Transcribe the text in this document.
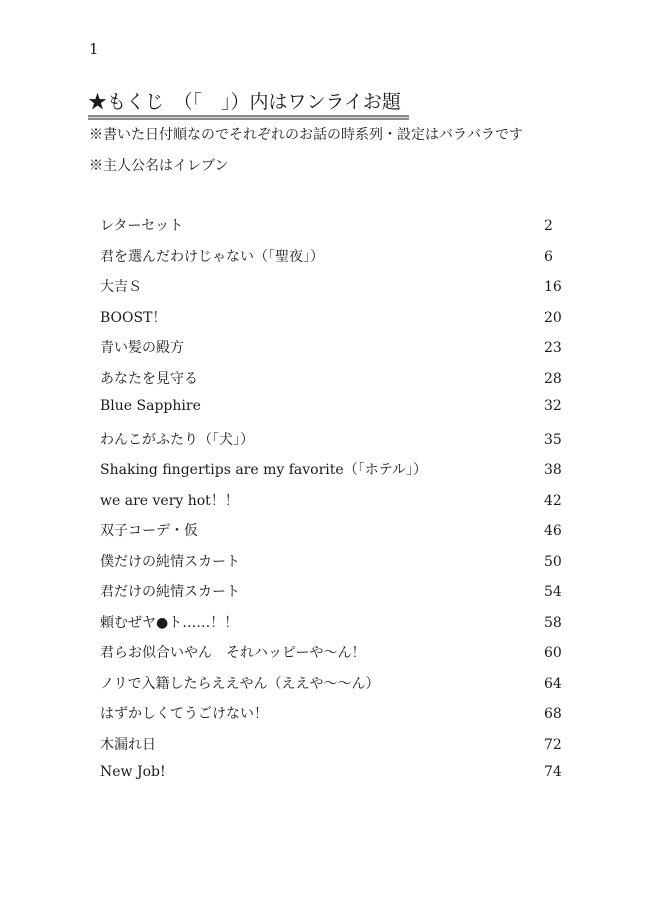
1
★もくじ　（「　」）内はワンライお題
※書いた日付順なのでそれぞれのお話の時系列・設定はバラバラです
※主人公名はイレブン
レターセット	2
君を選んだわけじゃない（「聖夜」）	6
大吉Ｓ	16
BOOST！	20
青い髪の殿方	23
あなたを見守る	28
Blue Sapphire	32
わんこがふたり（「犬」）	35
Shaking fingertips are my favorite（「ホテル」）	38
we are very hot！！	42
双子コーデ・仮	46
僕だけの純情スカート	50
君だけの純情スカート	54
頼むぜヤ●ト……！！	58
君らお似合いやん　それハッピーや～ん！	60
ノリで入籍したらええやん（ええや～～ん）	64
はずかしくてうごけない！	68
木漏れ日	72
New Job!	74
